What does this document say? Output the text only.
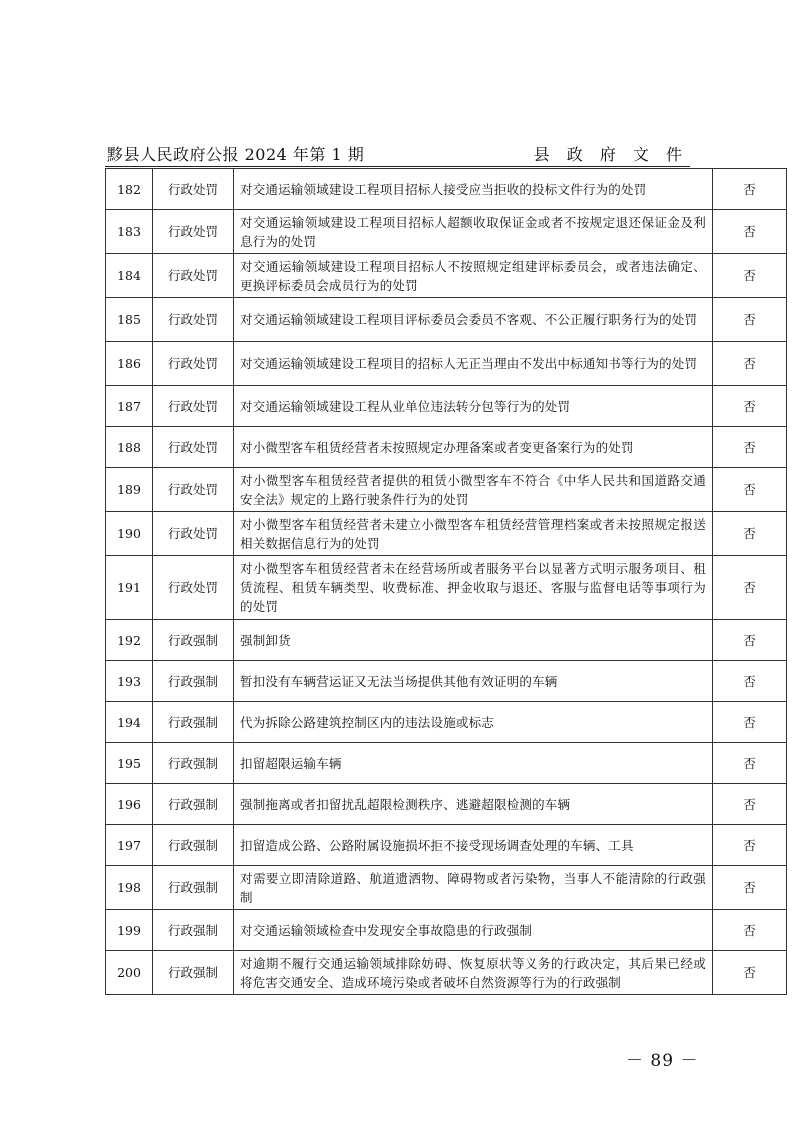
黟县人民政府公报 2024 年第 1 期	县 政 府 文 件
182	行政处罚	对交通运输领域建设工程项目招标人接受应当拒收的投标文件行为的处罚	否
183	行政处罚	对交通运输领域建设工程项目招标人超额收取保证金或者不按规定退还保证金及利息行为的处罚	否
184	行政处罚	对交通运输领域建设工程项目招标人不按照规定组建评标委员会，或者违法确定、更换评标委员会成员行为的处罚	否
185	行政处罚	对交通运输领域建设工程项目评标委员会委员不客观、不公正履行职务行为的处罚	否
186	行政处罚	对交通运输领域建设工程项目的招标人无正当理由不发出中标通知书等行为的处罚	否
187	行政处罚	对交通运输领域建设工程从业单位违法转分包等行为的处罚	否
188	行政处罚	对小微型客车租赁经营者未按照规定办理备案或者变更备案行为的处罚	否
189	行政处罚	对小微型客车租赁经营者提供的租赁小微型客车不符合《中华人民共和国道路交通安全法》规定的上路行驶条件行为的处罚	否
190	行政处罚	对小微型客车租赁经营者未建立小微型客车租赁经营管理档案或者未按照规定报送相关数据信息行为的处罚	否
191	行政处罚	对小微型客车租赁经营者未在经营场所或者服务平台以显著方式明示服务项目、租赁流程、租赁车辆类型、收费标准、押金收取与退还、客服与监督电话等事项行为的处罚	否
192	行政强制	强制卸货	否
193	行政强制	暂扣没有车辆营运证又无法当场提供其他有效证明的车辆	否
194	行政强制	代为拆除公路建筑控制区内的违法设施或标志	否
195	行政强制	扣留超限运输车辆	否
196	行政强制	强制拖离或者扣留扰乱超限检测秩序、逃避超限检测的车辆	否
197	行政强制	扣留造成公路、公路附属设施损坏拒不接受现场调查处理的车辆、工具	否
198	行政强制	对需要立即清除道路、航道遗洒物、障碍物或者污染物，当事人不能清除的行政强制	否
199	行政强制	对交通运输领域检查中发现安全事故隐患的行政强制	否
200	行政强制	对逾期不履行交通运输领域排除妨碍、恢复原状等义务的行政决定，其后果已经或将危害交通安全、造成环境污染或者破坏自然资源等行为的行政强制	否
－ 89 －
